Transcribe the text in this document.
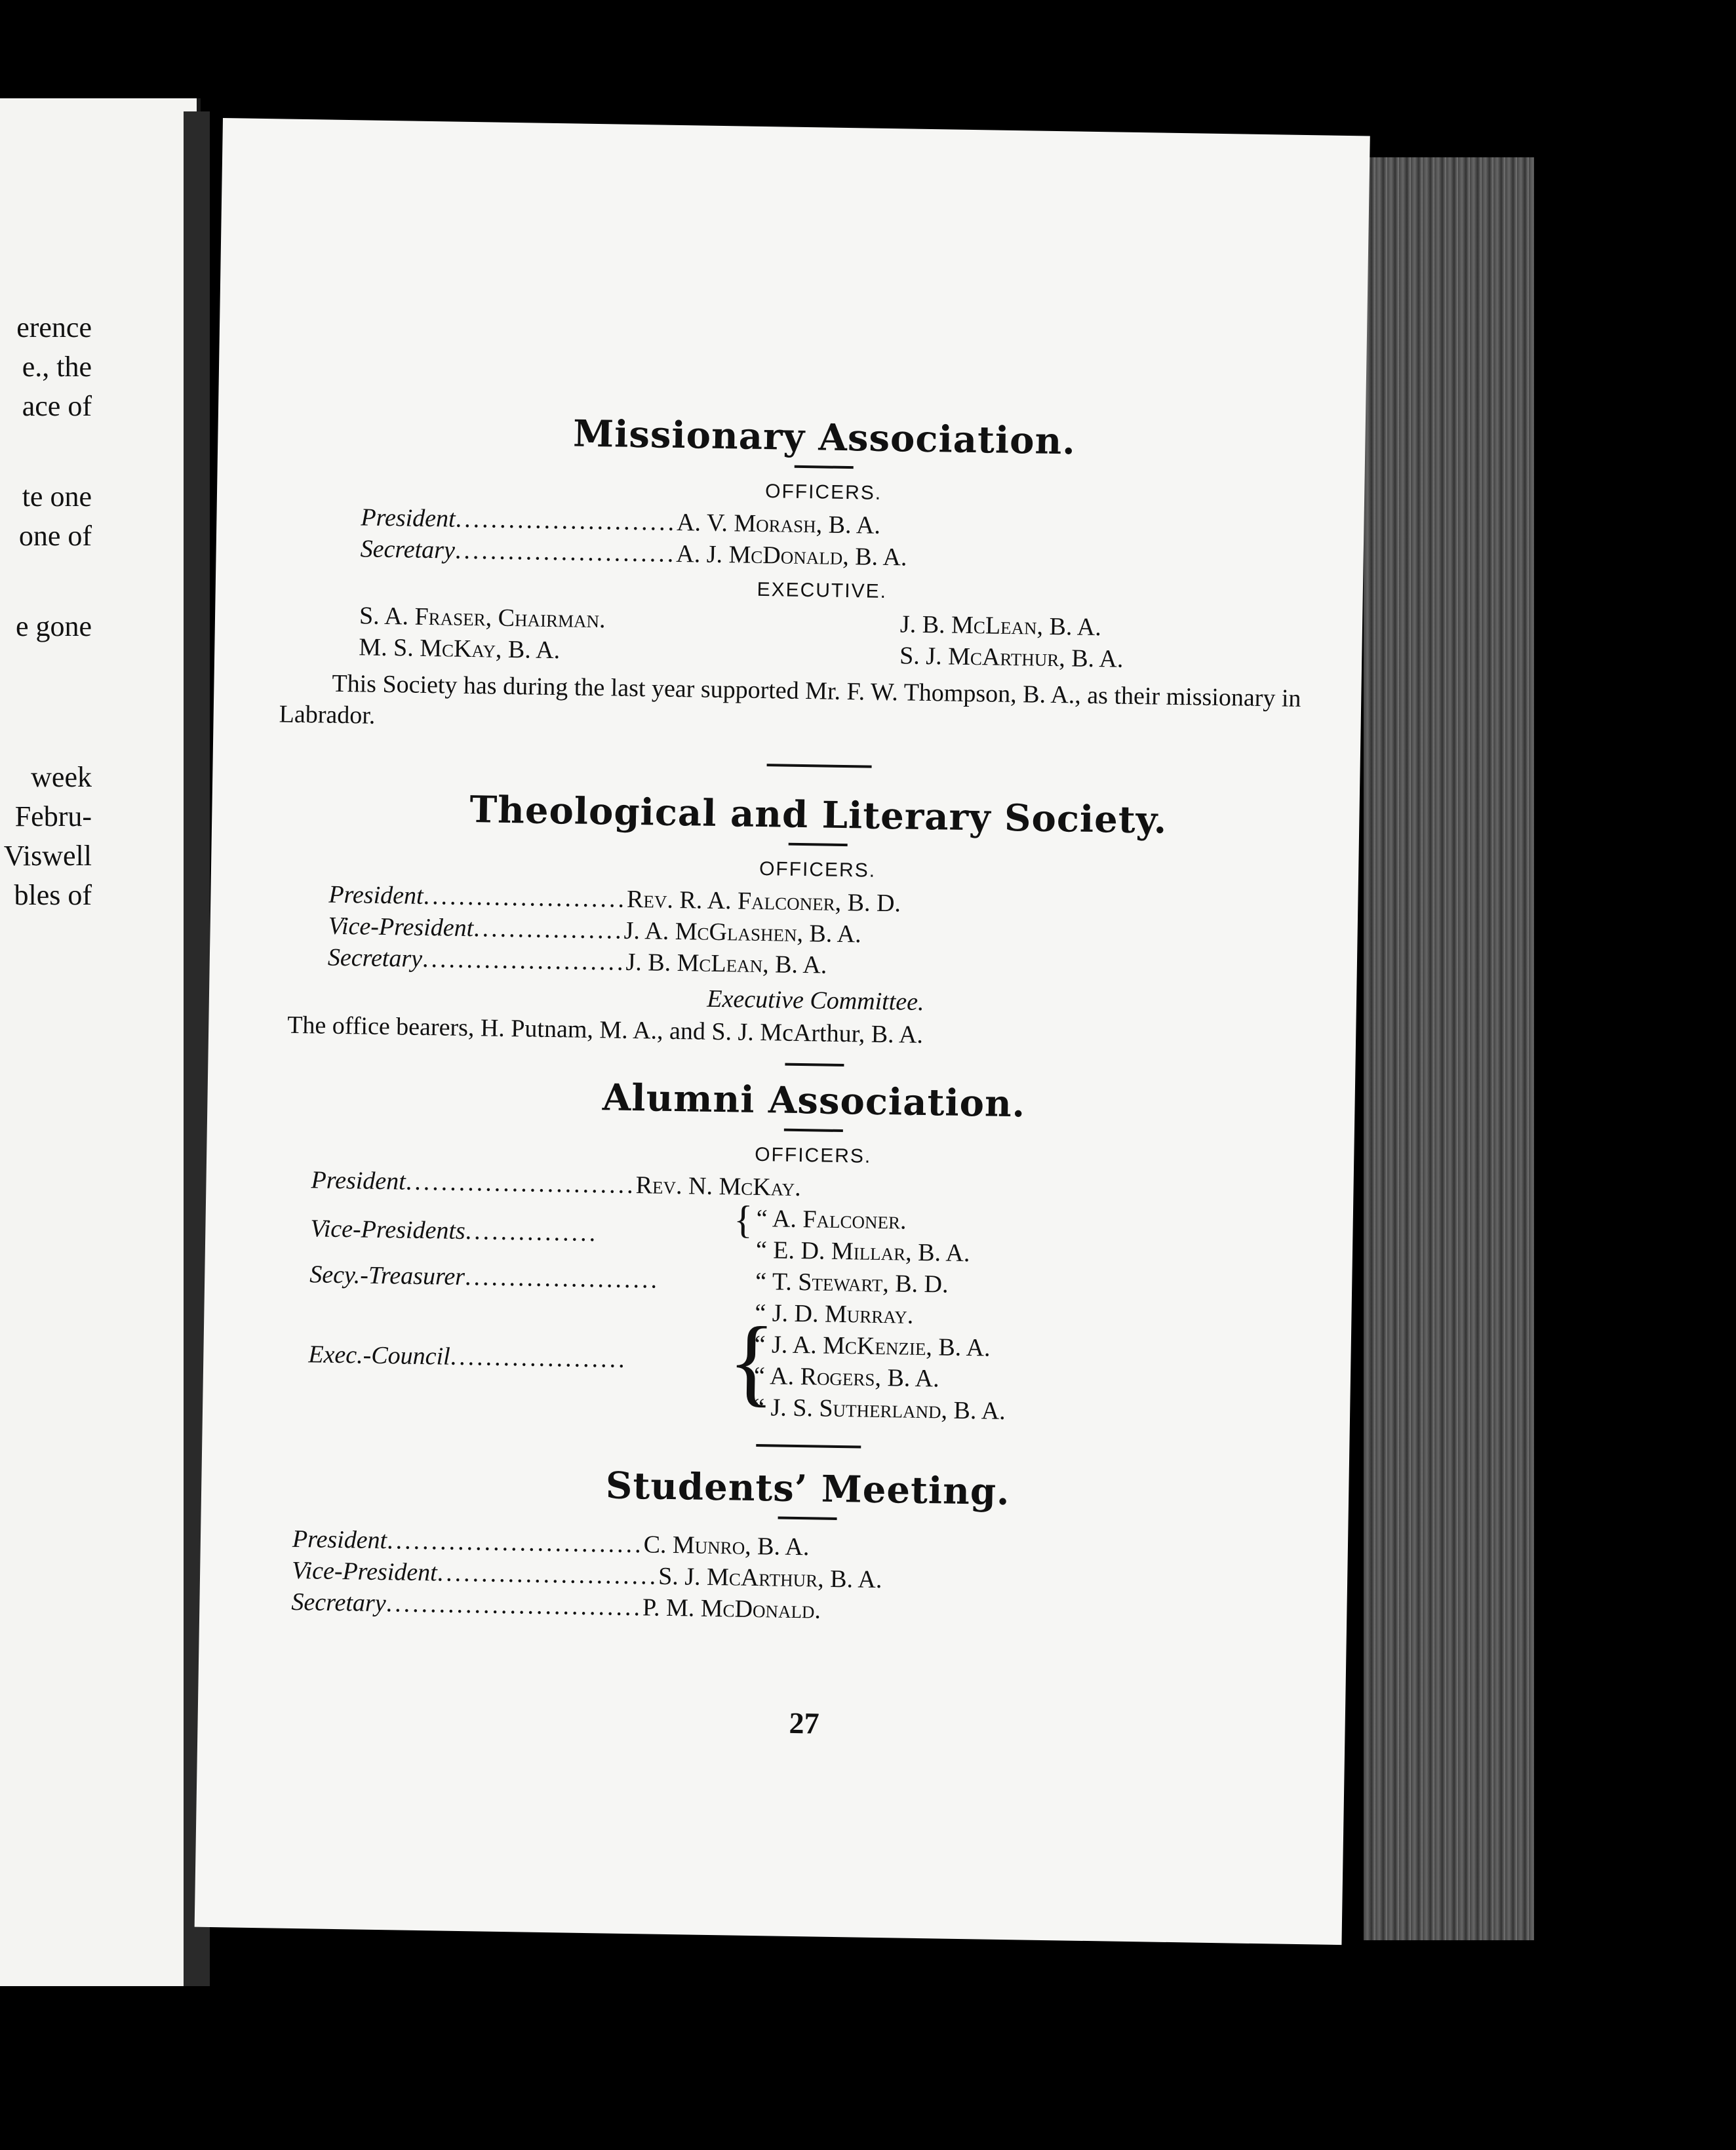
erence
e., the
ace of
te one
one of
e gone
week
Febru-
Viswell
bles of
Missionary Association.
OFFICERS.
President ......................... A. V. Morash, B. A.
Secretary ......................... A. J. McDonald, B. A.
EXECUTIVE.
S. A. Fraser, Chairman.
M. S. McKay, B. A.
J. B. McLean, B. A.
S. J. McArthur, B. A.
This Society has during the last year supported Mr. F. W. Thompson, B. A., as their missionary in Labrador.
Theological and Literary Society.
OFFICERS.
President ....................... Rev. R. A. Falconer, B. D.
Vice-President ................. J. A. McGlashen, B. A.
Secretary ....................... J. B. McLean, B. A.
Executive Committee.
The office bearers, H. Putnam, M. A., and S. J. McArthur, B. A.
Alumni Association.
OFFICERS.
President .......................... Rev. N. McKay.
Vice-Presidents ...............	{ “ A. Falconer.
“ E. D. Millar, B. A.
Secy.-Treasurer ......................	“ T. Stewart, B. D.
Exec.-Council .................... {
“ J. D. Murray.
“ J. A. McKenzie, B. A.
“ A. Rogers, B. A.
“ J. S. Sutherland, B. A.
Students’ Meeting.
President ............................. C. Munro, B. A.
Vice-President ......................... S. J. McArthur, B. A.
Secretary ............................. P. M. McDonald.
27
